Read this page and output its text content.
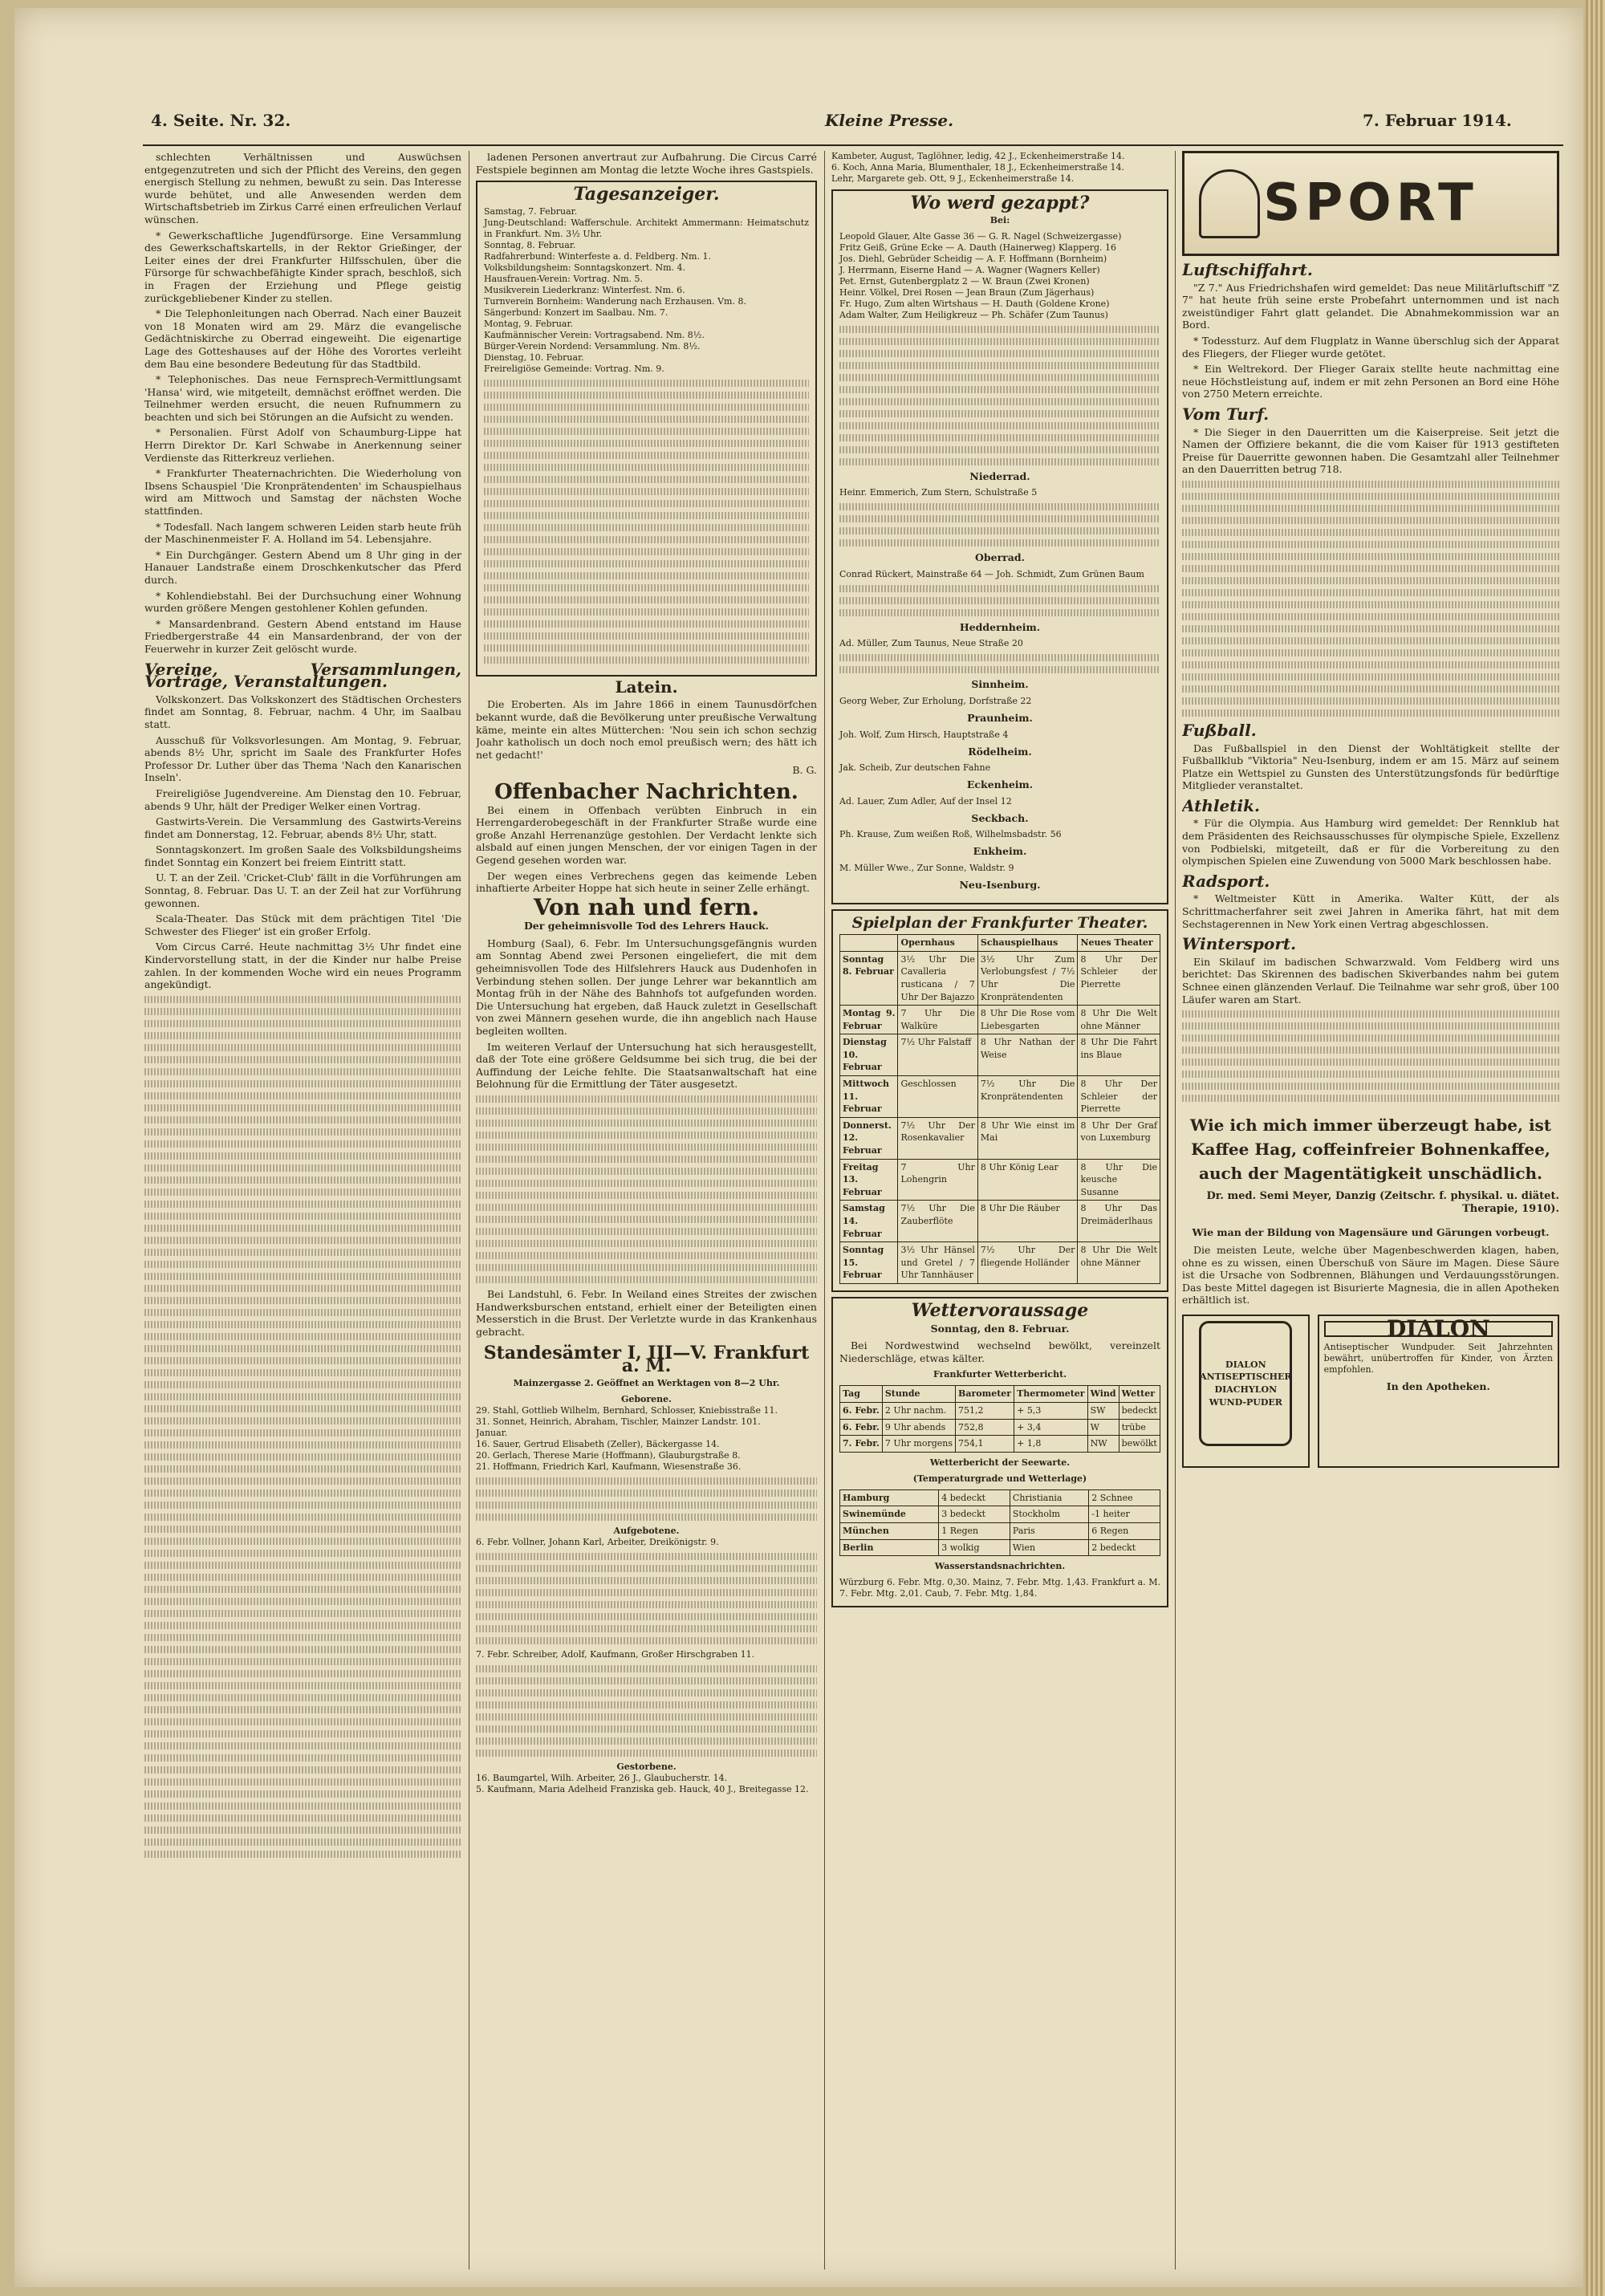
4. Seite. Nr. 32.	Kleine Presse.	7. Februar 1914.

schlechten Verhältnissen und Auswüchsen entgegenzutreten und sich der Pflicht des Vereins, den gegen energisch Stellung zu nehmen, bewußt zu sein. Das Interesse wurde behütet, und alle Anwesenden werden dem Wirtschaftsbetrieb im Zirkus Carré einen erfreulichen Verlauf wünschen.

* Gewerkschaftliche Jugendfürsorge. Eine Versammlung des Gewerkschaftskartells, in der Rektor Grießinger, der Leiter eines der drei Frankfurter Hilfsschulen, über die Fürsorge für schwachbefähigte Kinder sprach, beschloß, sich in Fragen der Erziehung und Pflege geistig zurückgebliebener Kinder zu stellen.

* Die Telephonleitungen nach Oberrad. Nach einer Bauzeit von 18 Monaten wird am 29. März die evangelische Gedächtniskirche zu Oberrad eingeweiht. Die eigenartige Lage des Gotteshauses auf der Höhe des Vorortes verleiht dem Bau eine besondere Bedeutung für das Stadtbild.

* Telephonisches. Das neue Fernsprech-Vermittlungsamt 'Hansa' wird, wie mitgeteilt, demnächst eröffnet werden. Die Teilnehmer werden ersucht, die neuen Rufnummern zu beachten und sich bei Störungen an die Aufsicht zu wenden.

* Personalien. Fürst Adolf von Schaumburg-Lippe hat Herrn Direktor Dr. Karl Schwabe in Anerkennung seiner Verdienste das Ritterkreuz verliehen.

* Frankfurter Theaternachrichten. Die Wiederholung von Ibsens Schauspiel 'Die Kronprätendenten' im Schauspielhaus wird am Mittwoch und Samstag der nächsten Woche stattfinden.

* Todesfall. Nach langem schweren Leiden starb heute früh der Maschinenmeister F. A. Holland im 54. Lebensjahre.

* Ein Durchgänger. Gestern Abend um 8 Uhr ging in der Hanauer Landstraße einem Droschkenkutscher das Pferd durch.

* Kohlendiebstahl. Bei der Durchsuchung einer Wohnung wurden größere Mengen gestohlener Kohlen gefunden.

* Mansardenbrand. Gestern Abend entstand im Hause Friedbergerstraße 44 ein Mansardenbrand, der von der Feuerwehr in kurzer Zeit gelöscht wurde.

Vereine, Versammlungen, Vorträge, Veranstaltungen.

Volkskonzert. Das Volkskonzert des Städtischen Orchesters findet am Sonntag, 8. Februar, nachm. 4 Uhr, im Saalbau statt.

Ausschuß für Volksvorlesungen. Am Montag, 9. Februar, abends 8½ Uhr, spricht im Saale des Frankfurter Hofes Professor Dr. Luther über das Thema 'Nach den Kanarischen Inseln'.

Freireligiöse Jugendvereine. Am Dienstag den 10. Februar, abends 9 Uhr, hält der Prediger Welker einen Vortrag.

Gastwirts-Verein. Die Versammlung des Gastwirts-Vereins findet am Donnerstag, 12. Februar, abends 8½ Uhr, statt.

Sonntagskonzert. Im großen Saale des Volksbildungsheims findet Sonntag ein Konzert bei freiem Eintritt statt.

U. T. an der Zeil. 'Cricket-Club' fällt in die Vorführungen am Sonntag, 8. Februar. Das U. T. an der Zeil hat zur Vorführung gewonnen.

Scala-Theater. Das Stück mit dem prächtigen Titel 'Die Schwester des Flieger' ist ein großer Erfolg.

Vom Circus Carré. Heute nachmittag 3½ Uhr findet eine Kindervorstellung statt, in der die Kinder nur halbe Preise zahlen. In der kommenden Woche wird ein neues Programm angekündigt.

ladenen Personen anvertraut zur Aufbahrung. Die Circus Carré Festspiele beginnen am Montag die letzte Woche ihres Gastspiels.

Tagesanzeiger.
Samstag, 7. Februar.
Jung-Deutschland: Wafferschule. Architekt Ammermann: Heimatschutz in Frankfurt. Nm. 3½ Uhr.
Sonntag, 8. Februar.
Radfahrerbund: Winterfeste a. d. Feldberg. Nm. 1.
Volksbildungsheim: Sonntagskonzert. Nm. 4.
Hausfrauen-Verein: Vortrag. Nm. 5.
Musikverein Liederkranz: Winterfest. Nm. 6.
Turnverein Bornheim: Wanderung nach Erzhausen. Vm. 8.
Sängerbund: Konzert im Saalbau. Nm. 7.
Montag, 9. Februar.
Kaufmännischer Verein: Vortragsabend. Nm. 8½.
Bürger-Verein Nordend: Versammlung. Nm. 8½.
Dienstag, 10. Februar.
Freireligiöse Gemeinde: Vortrag. Nm. 9.
Latein.

Die Eroberten. Als im Jahre 1866 in einem Taunusdörfchen bekannt wurde, daß die Bevölkerung unter preußische Verwaltung käme, meinte ein altes Mütterchen: 'Nou sein ich schon sechzig Joahr katholisch un doch noch emol preußisch wern; des hätt ich net gedacht!'

B. G.
Offenbacher Nachrichten.

Bei einem in Offenbach verübten Einbruch in ein Herrengarderobegeschäft in der Frankfurter Straße wurde eine große Anzahl Herrenanzüge gestohlen. Der Verdacht lenkte sich alsbald auf einen jungen Menschen, der vor einigen Tagen in der Gegend gesehen worden war.

Der wegen eines Verbrechens gegen das keimende Leben inhaftierte Arbeiter Hoppe hat sich heute in seiner Zelle erhängt.

Von nah und fern.
Der geheimnisvolle Tod des Lehrers Hauck.

Homburg (Saal), 6. Febr. Im Untersuchungsgefängnis wurden am Sonntag Abend zwei Personen eingeliefert, die mit dem geheimnisvollen Tode des Hilfslehrers Hauck aus Dudenhofen in Verbindung stehen sollen. Der junge Lehrer war bekanntlich am Montag früh in der Nähe des Bahnhofs tot aufgefunden worden. Die Untersuchung hat ergeben, daß Hauck zuletzt in Gesellschaft von zwei Männern gesehen wurde, die ihn angeblich nach Hause begleiten wollten.

Im weiteren Verlauf der Untersuchung hat sich herausgestellt, daß der Tote eine größere Geldsumme bei sich trug, die bei der Auffindung der Leiche fehlte. Die Staatsanwaltschaft hat eine Belohnung für die Ermittlung der Täter ausgesetzt.

Bei Landstuhl, 6. Febr. In Weiland eines Streites der zwischen Handwerksburschen entstand, erhielt einer der Beteiligten einen Messerstich in die Brust. Der Verletzte wurde in das Krankenhaus gebracht.

Standesämter I, III—V. Frankfurt a. M.
Mainzergasse 2. Geöffnet an Werktagen von 8—2 Uhr.
Geborene.
29. Stahl, Gottlieb Wilhelm, Bernhard, Schlosser, Kniebisstraße 11.
31. Sonnet, Heinrich, Abraham, Tischler, Mainzer Landstr. 101.
Januar.
16. Sauer, Gertrud Elisabeth (Zeller), Bäckergasse 14.
20. Gerlach, Therese Marie (Hoffmann), Glauburgstraße 8.
21. Hoffmann, Friedrich Karl, Kaufmann, Wiesenstraße 36.
Aufgebotene.
6. Febr. Vollner, Johann Karl, Arbeiter, Dreikönigstr. 9.
7. Febr. Schreiber, Adolf, Kaufmann, Großer Hirschgraben 11.
Gestorbene.
16. Baumgartel, Wilh. Arbeiter, 26 J., Glaubucherstr. 14.
5. Kaufmann, Maria Adelheid Franziska geb. Hauck, 40 J., Breitegasse 12.
Kambeter, August, Taglöhner, ledig, 42 J., Eckenheimerstraße 14.
6. Koch, Anna Maria, Blumenthaler, 18 J., Eckenheimerstraße 14.
Lehr, Margarete geb. Ott, 9 J., Eckenheimerstraße 14.
Wo werd gezappt?
Bei:
Leopold Glauer, Alte Gasse 36 — G. R. Nagel (Schweizergasse)
Fritz Geiß, Grüne Ecke — A. Dauth (Hainerweg) Klapperg. 16
Jos. Diehl, Gebrüder Scheidig — A. F. Hoffmann (Bornheim)
J. Herrmann, Eiserne Hand — A. Wagner (Wagners Keller)
Pet. Ernst, Gutenbergplatz 2 — W. Braun (Zwei Kronen)
Heinr. Völkel, Drei Rosen — Jean Braun (Zum Jägerhaus)
Fr. Hugo, Zum alten Wirtshaus — H. Dauth (Goldene Krone)
Adam Walter, Zum Heiligkreuz — Ph. Schäfer (Zum Taunus)
Niederrad.
Heinr. Emmerich, Zum Stern, Schulstraße 5
Oberrad.
Conrad Rückert, Mainstraße 64 — Joh. Schmidt, Zum Grünen Baum
Heddernheim.
Ad. Müller, Zum Taunus, Neue Straße 20
Sinnheim.
Georg Weber, Zur Erholung, Dorfstraße 22
Praunheim.
Joh. Wolf, Zum Hirsch, Hauptstraße 4
Rödelheim.
Jak. Scheib, Zur deutschen Fahne
Eckenheim.
Ad. Lauer, Zum Adler, Auf der Insel 12
Seckbach.
Ph. Krause, Zum weißen Roß, Wilhelmsbadstr. 56
Enkheim.
M. Müller Wwe., Zur Sonne, Waldstr. 9
Neu-Isenburg.
Spielplan der Frankfurter Theater.
	Opernhaus	Schauspielhaus	Neues Theater
Sonntag 8. Februar	3½ Uhr Die Cavalleria rusticana / 7 Uhr Der Bajazzo	3½ Uhr Zum Verlobungsfest / 7½ Uhr Die Kronprätendenten	8 Uhr Der Schleier der Pierrette
Montag 9. Februar	7 Uhr Die Walküre	8 Uhr Die Rose vom Liebesgarten	8 Uhr Die Welt ohne Männer
Dienstag 10. Februar	7½ Uhr Falstaff	8 Uhr Nathan der Weise	8 Uhr Die Fahrt ins Blaue
Mittwoch 11. Februar	Geschlossen	7½ Uhr Die Kronprätendenten	8 Uhr Der Schleier der Pierrette
Donnerst. 12. Februar	7½ Uhr Der Rosenkavalier	8 Uhr Wie einst im Mai	8 Uhr Der Graf von Luxemburg
Freitag 13. Februar	7 Uhr Lohengrin	8 Uhr König Lear	8 Uhr Die keusche Susanne
Samstag 14. Februar	7½ Uhr Die Zauberflöte	8 Uhr Die Räuber	8 Uhr Das Dreimäderlhaus
Sonntag 15. Februar	3½ Uhr Hänsel und Gretel / 7 Uhr Tannhäuser	7½ Uhr Der fliegende Holländer	8 Uhr Die Welt ohne Männer
Wettervoraussage
Sonntag, den 8. Februar.

Bei Nordwestwind wechselnd bewölkt, vereinzelt Niederschläge, etwas kälter.

Frankfurter Wetterbericht.
Tag	Stunde	Barometer	Thermometer	Wind	Wetter
6. Febr.	2 Uhr nachm.	751,2	+ 5,3	SW	bedeckt
6. Febr.	9 Uhr abends	752,8	+ 3,4	W	trübe
7. Febr.	7 Uhr morgens	754,1	+ 1,8	NW	bewölkt
Wetterbericht der Seewarte.
(Temperaturgrade und Wetterlage)
Hamburg	4 bedeckt	Christiania	2 Schnee
Swinemünde	3 bedeckt	Stockholm	-1 heiter
München	1 Regen	Paris	6 Regen
Berlin	3 wolkig	Wien	2 bedeckt
Wasserstandsnachrichten.
Würzburg 6. Febr. Mtg. 0,30. Mainz, 7. Febr. Mtg. 1,43. Frankfurt a. M. 7. Febr. Mtg. 2,01. Caub, 7. Febr. Mtg. 1,84.
SPORT
Luftschiffahrt.

"Z 7." Aus Friedrichshafen wird gemeldet: Das neue Militärluftschiff "Z 7" hat heute früh seine erste Probefahrt unternommen und ist nach zweistündiger Fahrt glatt gelandet. Die Abnahmekommission war an Bord.

* Todessturz. Auf dem Flugplatz in Wanne überschlug sich der Apparat des Fliegers, der Flieger wurde getötet.

* Ein Weltrekord. Der Flieger Garaix stellte heute nachmittag eine neue Höchstleistung auf, indem er mit zehn Personen an Bord eine Höhe von 2750 Metern erreichte.

Vom Turf.

* Die Sieger in den Dauerritten um die Kaiserpreise. Seit jetzt die Namen der Offiziere bekannt, die die vom Kaiser für 1913 gestifteten Preise für Dauerritte gewonnen haben. Die Gesamtzahl aller Teilnehmer an den Dauerritten betrug 718.

Fußball.

Das Fußballspiel in den Dienst der Wohltätigkeit stellte der Fußballklub "Viktoria" Neu-Isenburg, indem er am 15. März auf seinem Platze ein Wettspiel zu Gunsten des Unterstützungsfonds für bedürftige Mitglieder veranstaltet.

Athletik.

* Für die Olympia. Aus Hamburg wird gemeldet: Der Rennklub hat dem Präsidenten des Reichsausschusses für olympische Spiele, Exzellenz von Podbielski, mitgeteilt, daß er für die Vorbereitung zu den olympischen Spielen eine Zuwendung von 5000 Mark beschlossen habe.

Radsport.

* Weltmeister Kütt in Amerika. Walter Kütt, der als Schrittmacherfahrer seit zwei Jahren in Amerika fährt, hat mit dem Sechstagerennen in New York einen Vertrag abgeschlossen.

Wintersport.

Ein Skilauf im badischen Schwarzwald. Vom Feldberg wird uns berichtet: Das Skirennen des badischen Skiverbandes nahm bei gutem Schnee einen glänzenden Verlauf. Die Teilnahme war sehr groß, über 100 Läufer waren am Start.

Wie ich mich immer überzeugt habe, ist Kaffee Hag, coffeinfreier Bohnenkaffee, auch der Magentätigkeit unschädlich.
Dr. med. Semi Meyer, Danzig (Zeitschr. f. physikal. u. diätet. Therapie, 1910).
Wie man der Bildung von Magensäure und Gärungen vorbeugt.

Die meisten Leute, welche über Magenbeschwerden klagen, haben, ohne es zu wissen, einen Überschuß von Säure im Magen. Diese Säure ist die Ursache von Sodbrennen, Blähungen und Verdauungsstörungen. Das beste Mittel dagegen ist Bisurierte Magnesia, die in allen Apotheken erhältlich ist.

DIALON ANTISEPTISCHER DIACHYLON WUND-PUDER
DIALON
Antiseptischer Wundpuder. Seit Jahrzehnten bewährt, unübertroffen für Kinder, von Ärzten empfohlen.
In den Apotheken.
